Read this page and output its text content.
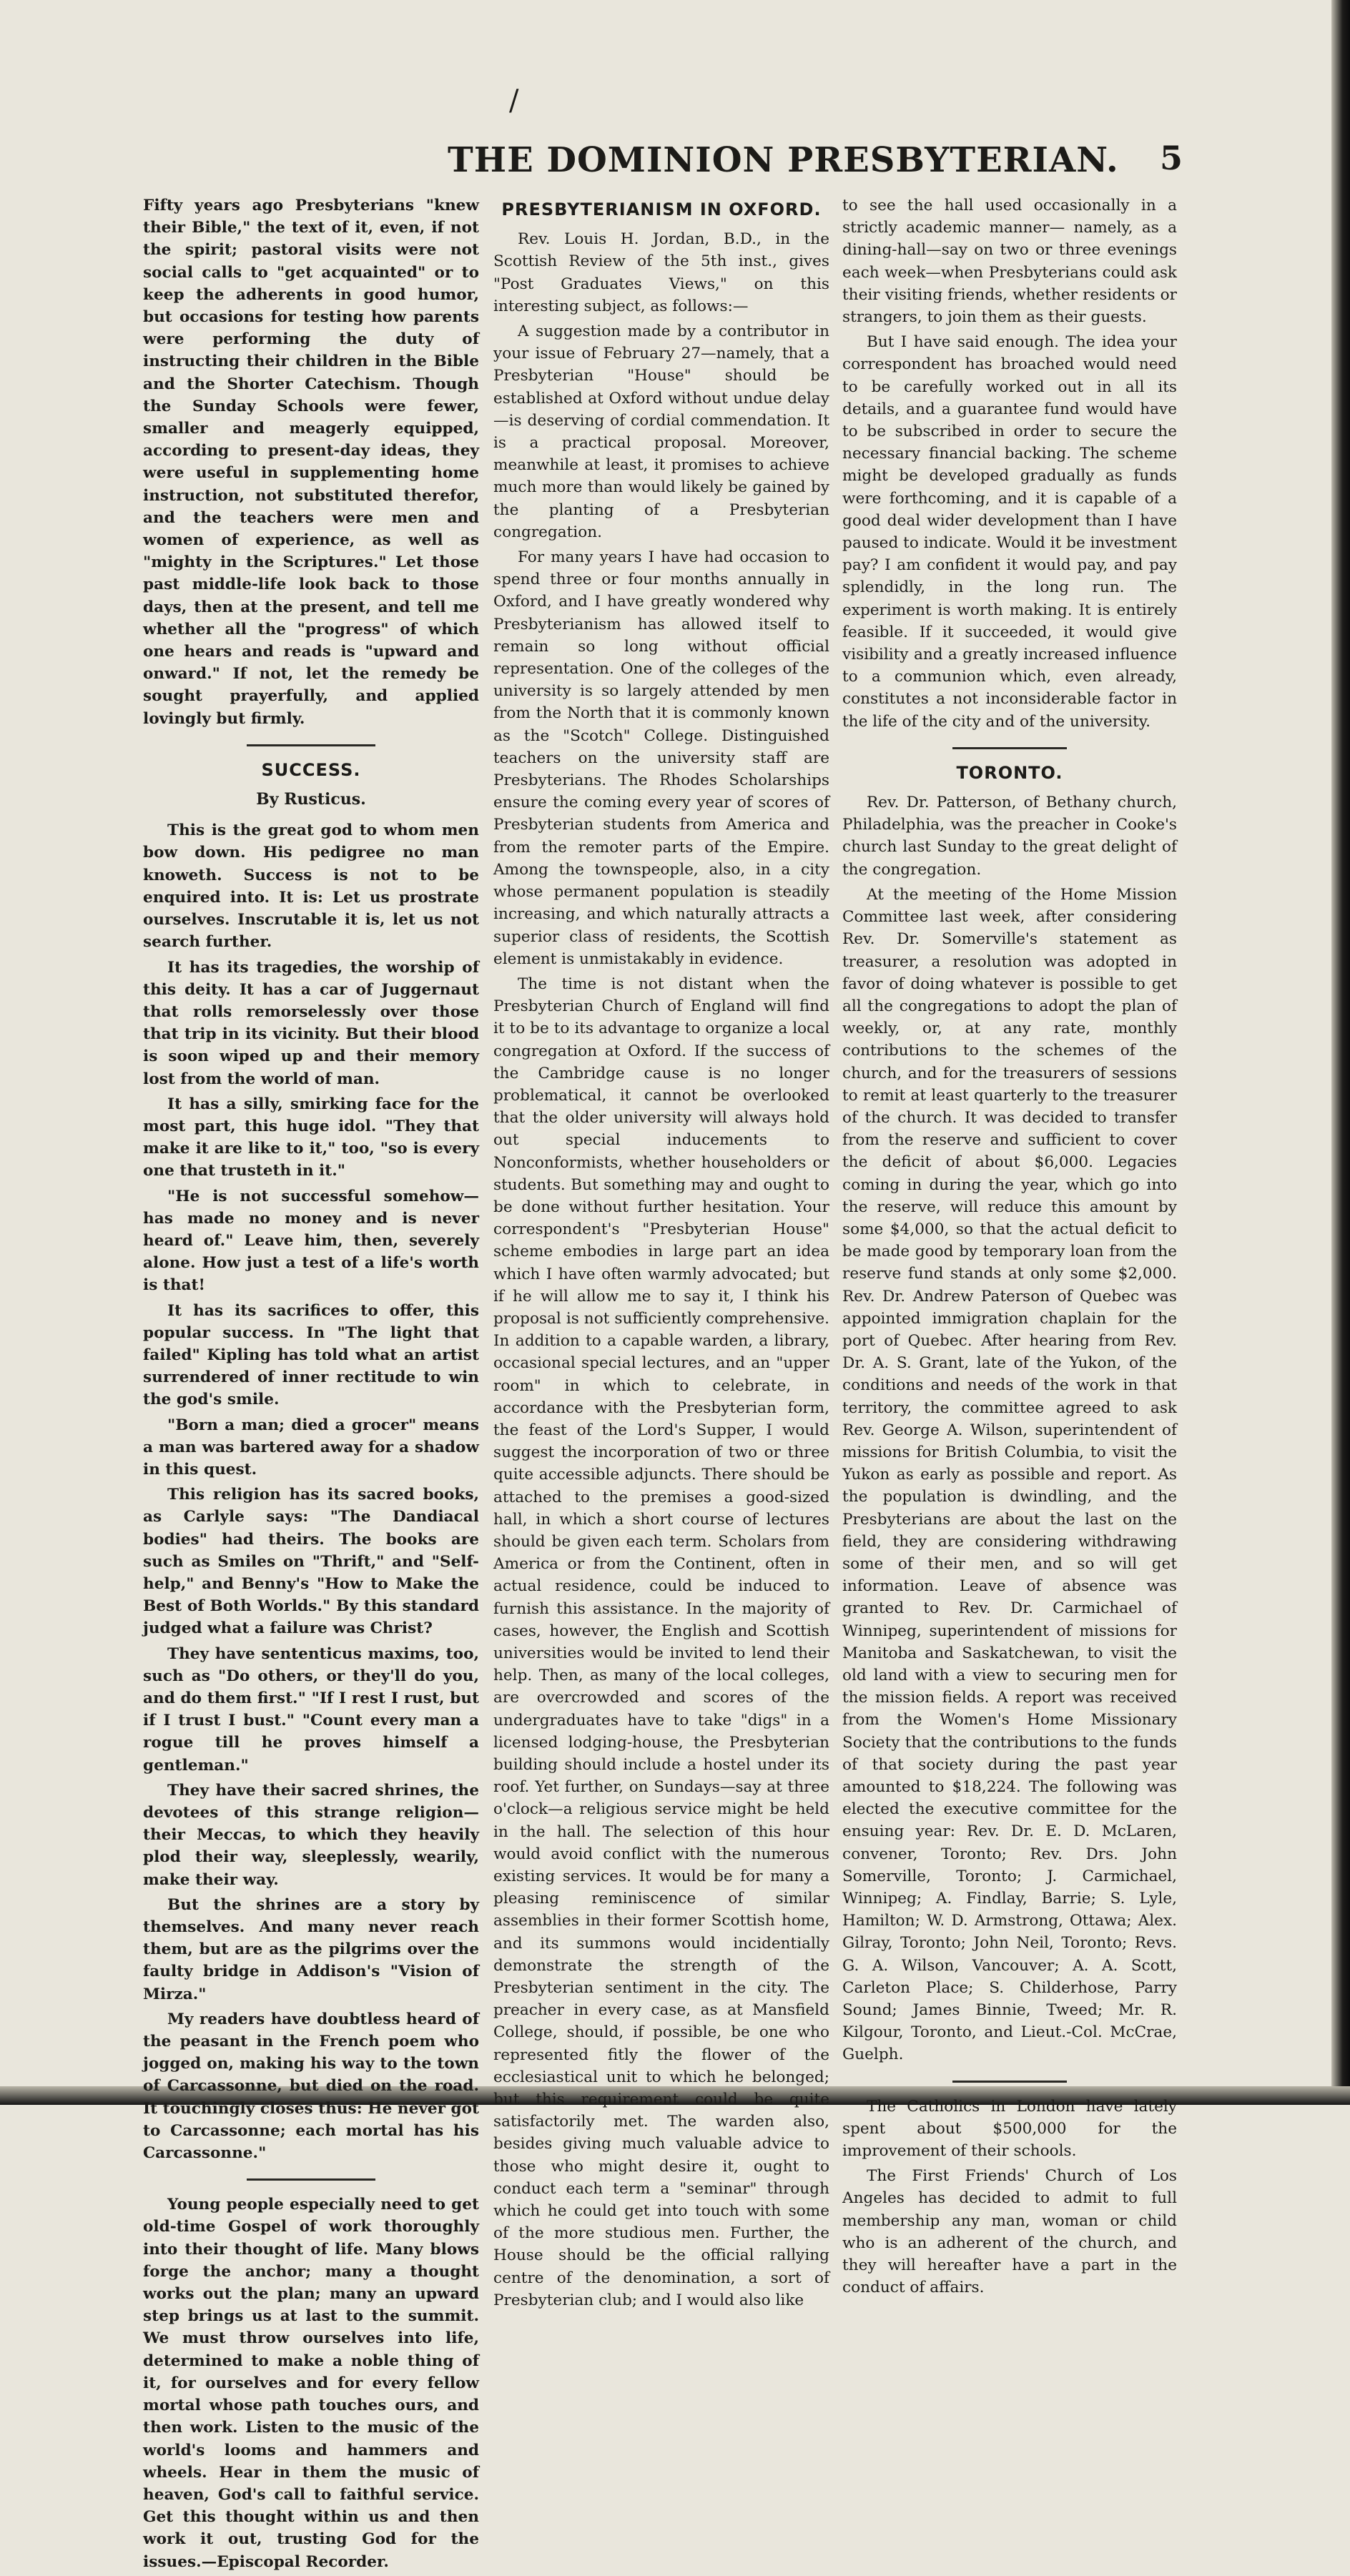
/
THE DOMINION PRESBYTERIAN. 5

Fifty years ago Presbyterians "knew their Bible," the text of it, even, if not the spirit; pastoral visits were not social calls to "get acquainted" or to keep the adherents in good humor, but occasions for testing how parents were performing the duty of instructing their children in the Bible and the Shorter Catechism. Though the Sunday Schools were fewer, smaller and meagerly equipped, according to present-day ideas, they were useful in supplementing home instruction, not substituted therefor, and the teachers were men and women of experience, as well as "mighty in the Scriptures." Let those past middle-life look back to those days, then at the present, and tell me whether all the "progress" of which one hears and reads is "upward and onward." If not, let the remedy be sought prayerfully, and applied lovingly but firmly.

SUCCESS.
By Rusticus.

This is the great god to whom men bow down. His pedigree no man knoweth. Success is not to be enquired into. It is: Let us prostrate ourselves. Inscrutable it is, let us not search further.

It has its tragedies, the worship of this deity. It has a car of Juggernaut that rolls remorselessly over those that trip in its vicinity. But their blood is soon wiped up and their memory lost from the world of man.

It has a silly, smirking face for the most part, this huge idol. "They that make it are like to it," too, "so is every one that trusteth in it."

"He is not successful somehow—has made no money and is never heard of." Leave him, then, severely alone. How just a test of a life's worth is that!

It has its sacrifices to offer, this popular success. In "The light that failed" Kipling has told what an artist surrendered of inner rectitude to win the god's smile.

"Born a man; died a grocer" means a man was bartered away for a shadow in this quest.

This religion has its sacred books, as Carlyle says: "The Dandiacal bodies" had theirs. The books are such as Smiles on "Thrift," and "Self-help," and Benny's "How to Make the Best of Both Worlds." By this standard judged what a failure was Christ?

They have sententicus maxims, too, such as "Do others, or they'll do you, and do them first." "If I rest I rust, but if I trust I bust." "Count every man a rogue till he proves himself a gentleman."

They have their sacred shrines, the devotees of this strange religion—their Meccas, to which they heavily plod their way, sleeplessly, wearily, make their way.

But the shrines are a story by themselves. And many never reach them, but are as the pilgrims over the faulty bridge in Addison's "Vision of Mirza."

My readers have doubtless heard of the peasant in the French poem who jogged on, making his way to the town of Carcassonne, but died on the road. It touchingly closes thus: He never got to Carcassonne; each mortal has his Carcassonne."

Young people especially need to get old-time Gospel of work thoroughly into their thought of life. Many blows forge the anchor; many a thought works out the plan; many an upward step brings us at last to the summit. We must throw ourselves into life, determined to make a noble thing of it, for ourselves and for every fellow mortal whose path touches ours, and then work. Listen to the music of the world's looms and hammers and wheels. Hear in them the music of heaven, God's call to faithful service. Get this thought within us and then work it out, trusting God for the issues.—Episcopal Recorder.

PRESBYTERIANISM IN OXFORD.

Rev. Louis H. Jordan, B.D., in the Scottish Review of the 5th inst., gives "Post Graduates Views," on this interesting subject, as follows:—

A suggestion made by a contributor in your issue of February 27—namely, that a Presbyterian "House" should be established at Oxford without undue delay—is deserving of cordial commendation. It is a practical proposal. Moreover, meanwhile at least, it promises to achieve much more than would likely be gained by the planting of a Presbyterian congregation.

For many years I have had occasion to spend three or four months annually in Oxford, and I have greatly wondered why Presbyterianism has allowed itself to remain so long without official representation. One of the colleges of the university is so largely attended by men from the North that it is commonly known as the "Scotch" College. Distinguished teachers on the university staff are Presbyterians. The Rhodes Scholarships ensure the coming every year of scores of Presbyterian students from America and from the remoter parts of the Empire. Among the townspeople, also, in a city whose permanent population is steadily increasing, and which naturally attracts a superior class of residents, the Scottish element is unmistakably in evidence.

The time is not distant when the Presbyterian Church of England will find it to be to its advantage to organize a local congregation at Oxford. If the success of the Cambridge cause is no longer problematical, it cannot be overlooked that the older university will always hold out special inducements to Nonconformists, whether householders or students. But something may and ought to be done without further hesitation. Your correspondent's "Presbyterian House" scheme embodies in large part an idea which I have often warmly advocated; but if he will allow me to say it, I think his proposal is not sufficiently comprehensive. In addition to a capable warden, a library, occasional special lectures, and an "upper room" in which to celebrate, in accordance with the Presbyterian form, the feast of the Lord's Supper, I would suggest the incorporation of two or three quite accessible adjuncts. There should be attached to the premises a good-sized hall, in which a short course of lectures should be given each term. Scholars from America or from the Continent, often in actual residence, could be induced to furnish this assistance. In the majority of cases, however, the English and Scottish universities would be invited to lend their help. Then, as many of the local colleges, are overcrowded and scores of the undergraduates have to take "digs" in a licensed lodging-house, the Presbyterian building should include a hostel under its roof. Yet further, on Sundays—say at three o'clock—a religious service might be held in the hall. The selection of this hour would avoid conflict with the numerous existing services. It would be for many a pleasing reminiscence of similar assemblies in their former Scottish home, and its summons would incidentially demonstrate the strength of the Presbyterian sentiment in the city. The preacher in every case, as at Mansfield College, should, if possible, be one who represented fitly the flower of the ecclesiastical unit to which he belonged; but this requirement could be quite satisfactorily met. The warden also, besides giving much valuable advice to those who might desire it, ought to conduct each term a "seminar" through which he could get into touch with some of the more studious men. Further, the House should be the official rallying centre of the denomination, a sort of Presbyterian club; and I would also like

to see the hall used occasionally in a strictly academic manner— namely, as a dining-hall—say on two or three evenings each week—when Presbyterians could ask their visiting friends, whether residents or strangers, to join them as their guests.

But I have said enough. The idea your correspondent has broached would need to be carefully worked out in all its details, and a guarantee fund would have to be subscribed in order to secure the necessary financial backing. The scheme might be developed gradually as funds were forthcoming, and it is capable of a good deal wider development than I have paused to indicate. Would it be investment pay? I am confident it would pay, and pay splendidly, in the long run. The experiment is worth making. It is entirely feasible. If it succeeded, it would give visibility and a greatly increased influence to a communion which, even already, constitutes a not inconsiderable factor in the life of the city and of the university.

TORONTO.

Rev. Dr. Patterson, of Bethany church, Philadelphia, was the preacher in Cooke's church last Sunday to the great delight of the congregation.

At the meeting of the Home Mission Committee last week, after considering Rev. Dr. Somerville's statement as treasurer, a resolution was adopted in favor of doing whatever is possible to get all the congregations to adopt the plan of weekly, or, at any rate, monthly contributions to the schemes of the church, and for the treasurers of sessions to remit at least quarterly to the treasurer of the church. It was decided to transfer from the reserve and sufficient to cover the deficit of about $6,000. Legacies coming in during the year, which go into the reserve, will reduce this amount by some $4,000, so that the actual deficit to be made good by temporary loan from the reserve fund stands at only some $2,000. Rev. Dr. Andrew Paterson of Quebec was appointed immigration chaplain for the port of Quebec. After hearing from Rev. Dr. A. S. Grant, late of the Yukon, of the conditions and needs of the work in that territory, the committee agreed to ask Rev. George A. Wilson, superintendent of missions for British Columbia, to visit the Yukon as early as possible and report. As the population is dwindling, and the Presbyterians are about the last on the field, they are considering withdrawing some of their men, and so will get information. Leave of absence was granted to Rev. Dr. Carmichael of Winnipeg, superintendent of missions for Manitoba and Saskatchewan, to visit the old land with a view to securing men for the mission fields. A report was received from the Women's Home Missionary Society that the contributions to the funds of that society during the past year amounted to $18,224. The following was elected the executive committee for the ensuing year: Rev. Dr. E. D. McLaren, convener, Toronto; Rev. Drs. John Somerville, Toronto; J. Carmichael, Winnipeg; A. Findlay, Barrie; S. Lyle, Hamilton; W. D. Armstrong, Ottawa; Alex. Gilray, Toronto; John Neil, Toronto; Revs. G. A. Wilson, Vancouver; A. A. Scott, Carleton Place; S. Childerhose, Parry Sound; James Binnie, Tweed; Mr. R. Kilgour, Toronto, and Lieut.-Col. McCrae, Guelph.

The Catholics in London have lately spent about $500,000 for the improvement of their schools.

The First Friends' Church of Los Angeles has decided to admit to full membership any man, woman or child who is an adherent of the church, and they will hereafter have a part in the conduct of affairs.
